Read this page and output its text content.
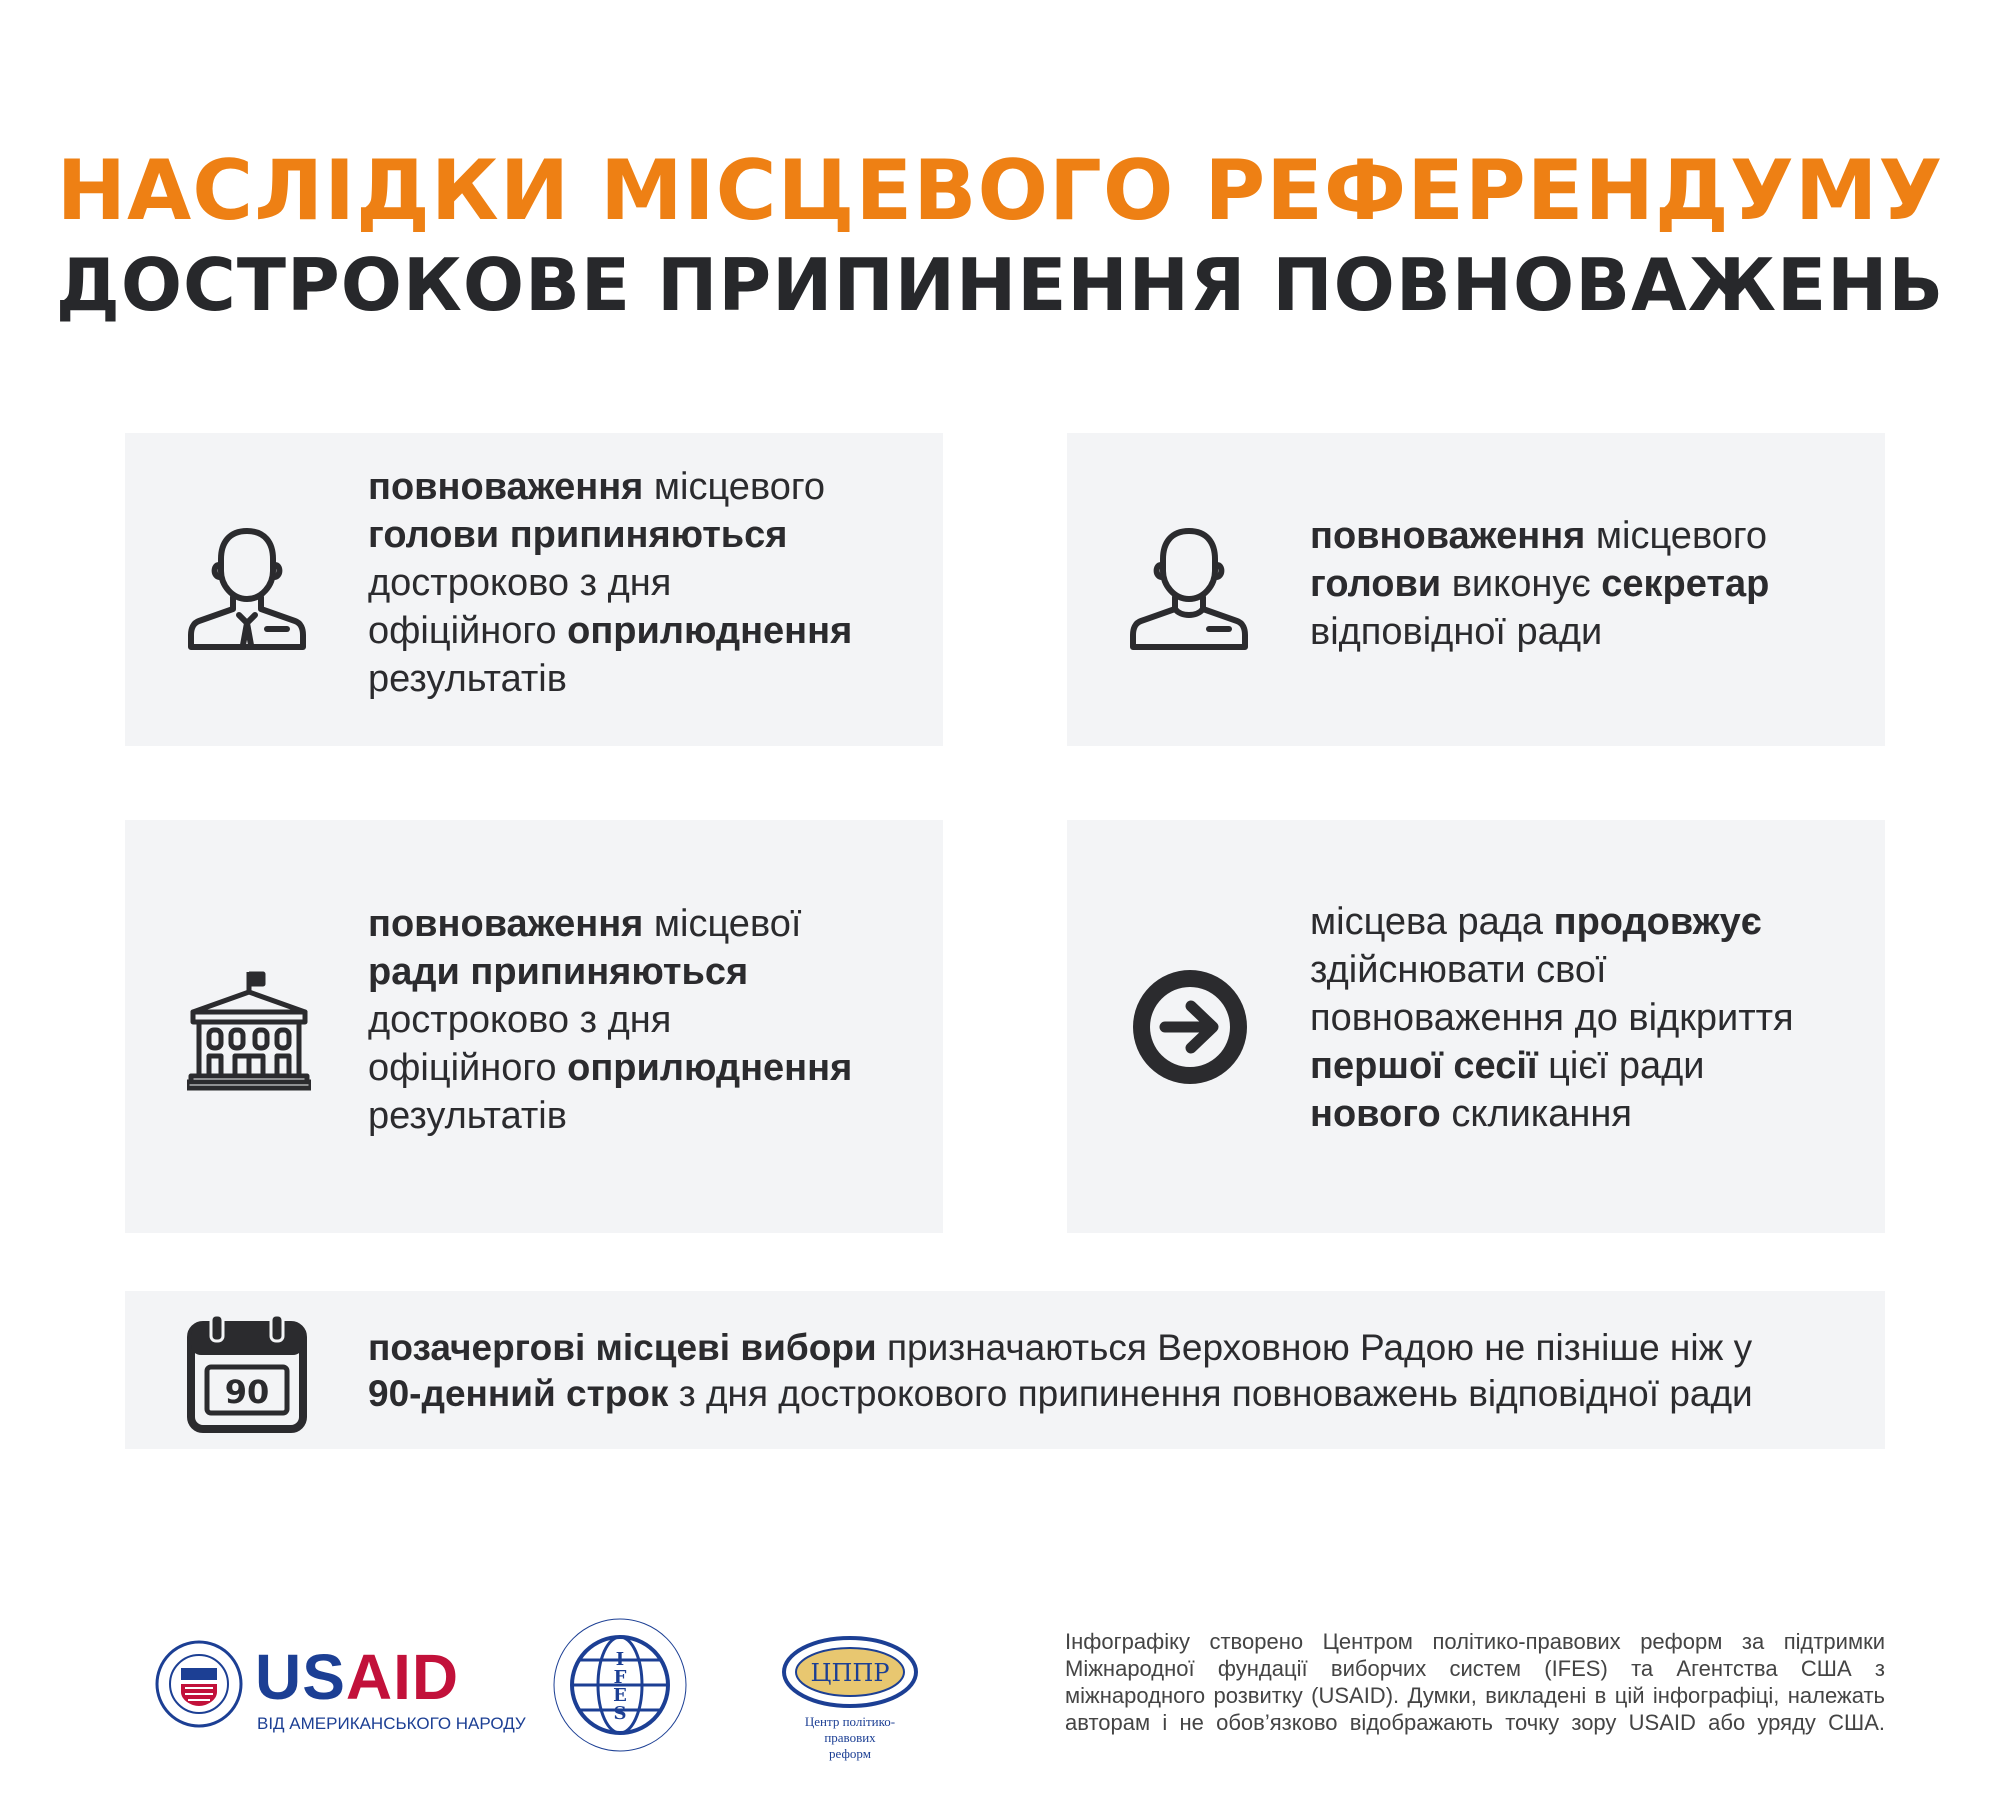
НАСЛІДКИ МІСЦЕВОГО РЕФЕРЕНДУМУ
ДОСТРОКОВЕ ПРИПИНЕННЯ ПОВНОВАЖЕНЬ
повноваження місцевого
голови припиняються
достроково з дня
офіційного оприлюднення
результатів
повноваження місцевого
голови виконує секретар
відповідної ради
повноваження місцевої
ради припиняються
достроково з дня
офіційного оприлюднення
результатів
місцева рада продовжує
здійснювати свої
повноваження до відкриття
першої сесії цієї ради
нового скликання
90
позачергові місцеві вибори призначаються Верховною Радою не пізніше ніж у
90-денний строк з дня дострокового припинення повноважень відповідної ради
USAID
ВІД АМЕРИКАНСЬКОГО НАРОДУ
I
F
E
S
ЦППР
Центр політико-правових
реформ
Інфографіку створено Центром політико-правових реформ за підтримки
Міжнародної фундації виборчих систем (IFES) та Агентства США з
міжнародного розвитку (USAID). Думки, викладені в цій інфографіці, належать
авторам і не обов’язково відображають точку зору USAID або уряду США.
